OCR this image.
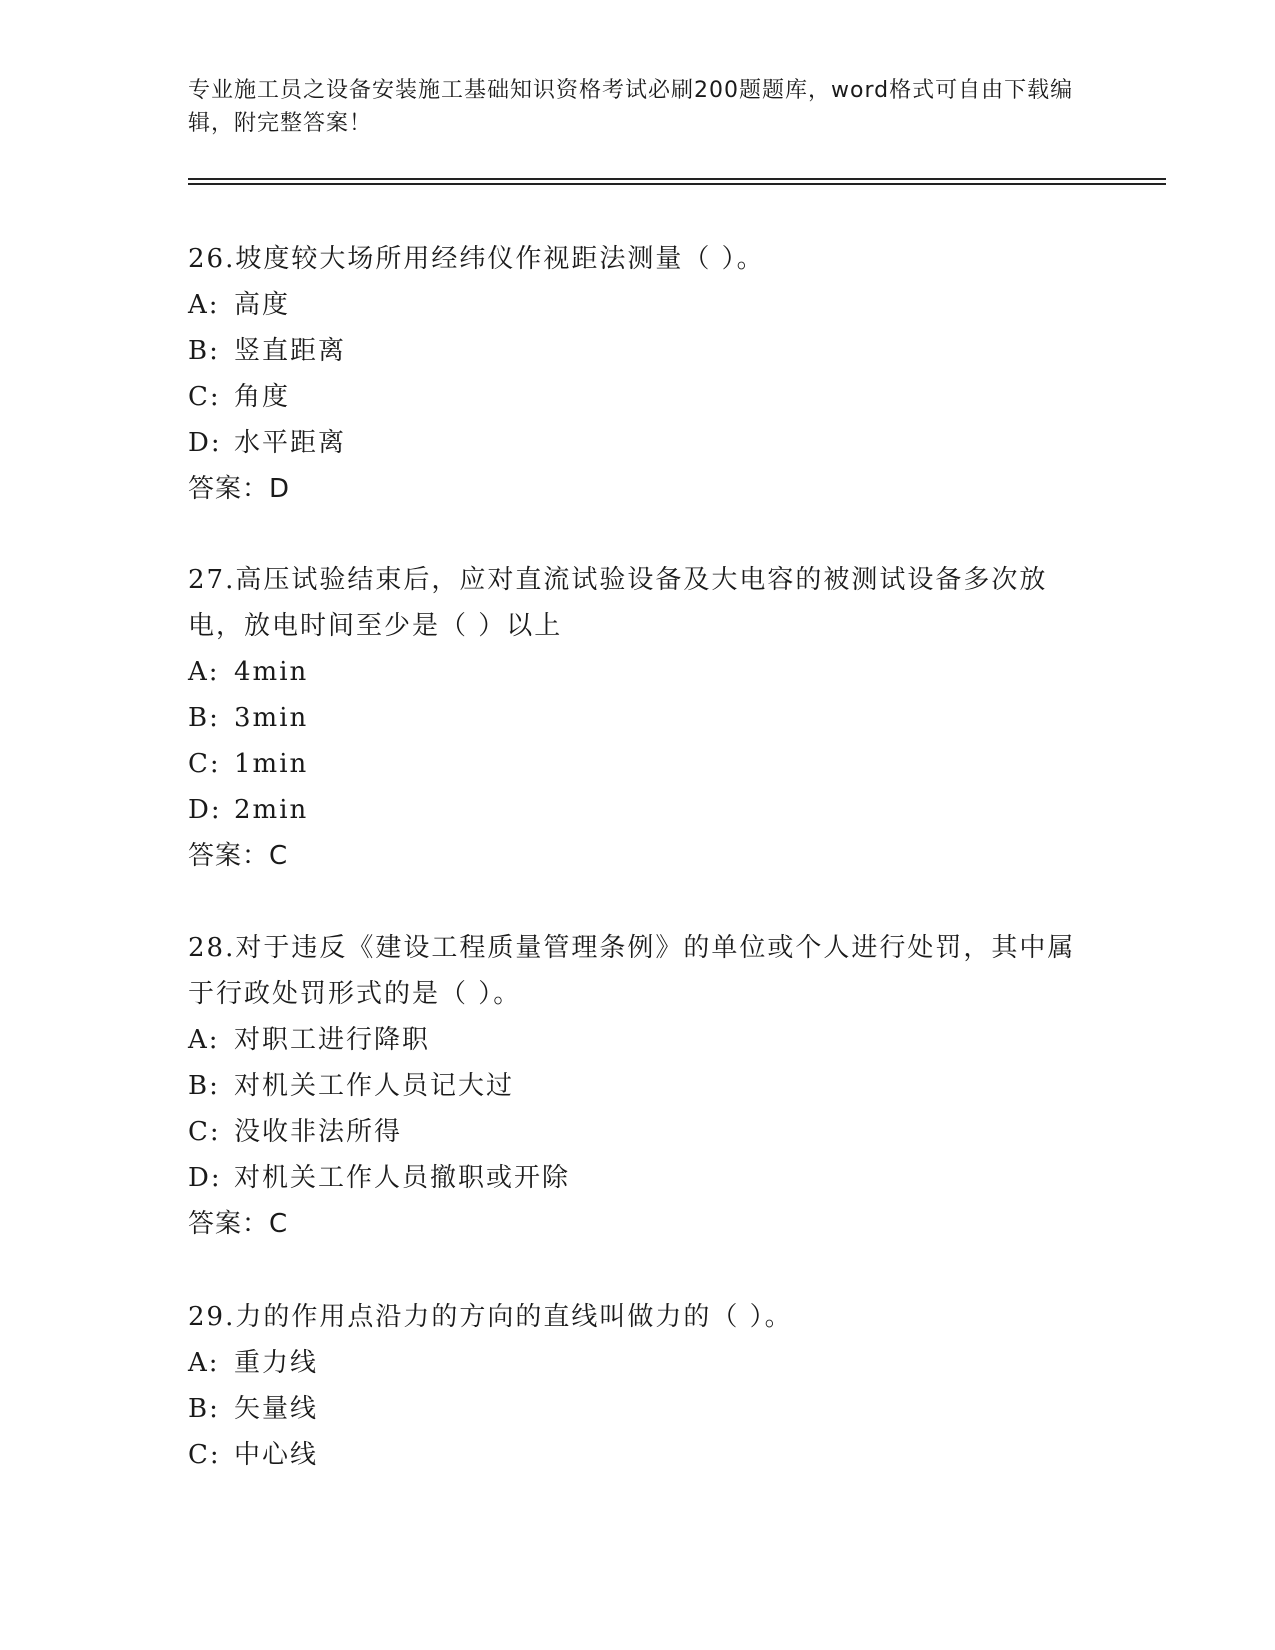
专业施工员之设备安装施工基础知识资格考试必刷200题题库，word格式可自由下载编辑，附完整答案！
26.坡度较大场所用经纬仪作视距法测量（ ）。
A: 高度
B: 竖直距离
C: 角度
D: 水平距离
答案：D
27.高压试验结束后，应对直流试验设备及大电容的被测试设备多次放电，放电时间至少是（ ）以上
A: 4min
B: 3min
C: 1min
D: 2min
答案：C
28.对于违反《建设工程质量管理条例》的单位或个人进行处罚，其中属于行政处罚形式的是（ ）。
A: 对职工进行降职
B: 对机关工作人员记大过
C: 没收非法所得
D: 对机关工作人员撤职或开除
答案：C
29.力的作用点沿力的方向的直线叫做力的（ ）。
A: 重力线
B: 矢量线
C: 中心线
